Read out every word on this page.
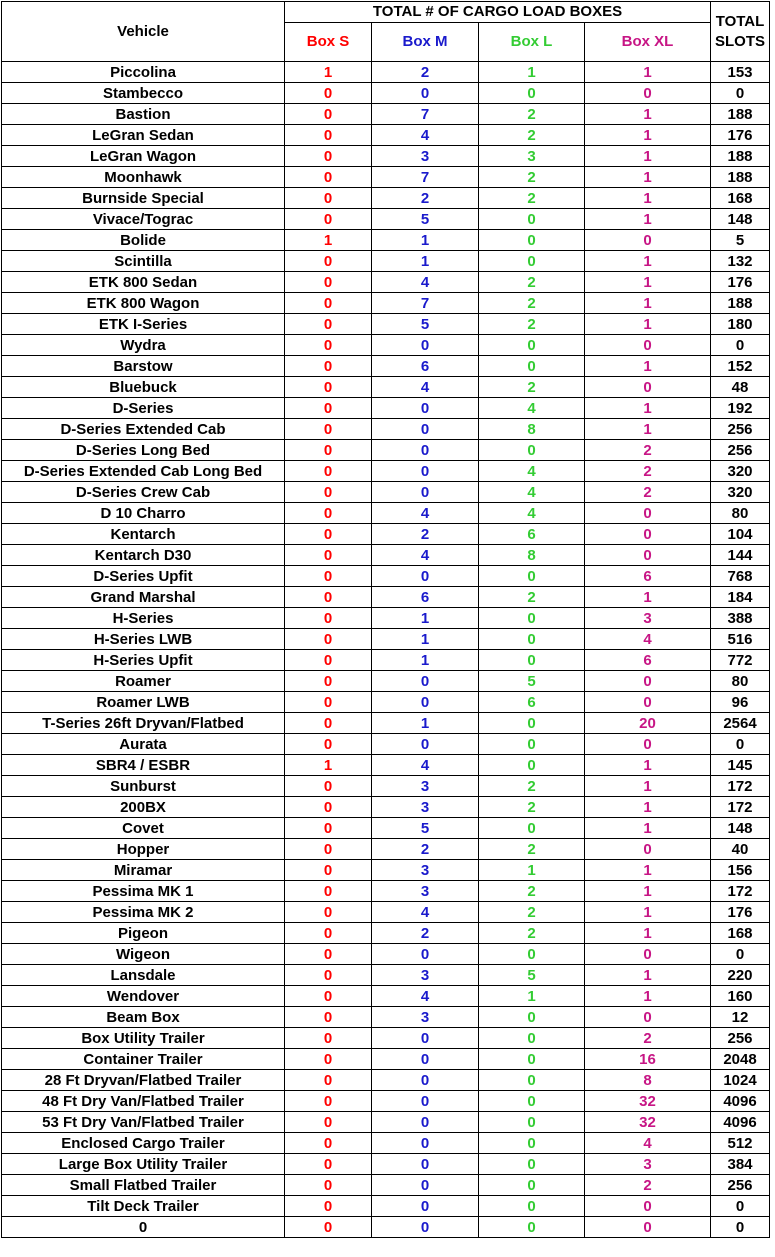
Vehicle	TOTAL # OF CARGO LOAD BOXES				TOTAL
SLOTS
	Box S	Box M	Box L	Box XL	
Piccolina	1	2	1	1	153
Stambecco	0	0	0	0	0
Bastion	0	7	2	1	188
LeGran Sedan	0	4	2	1	176
LeGran Wagon	0	3	3	1	188
Moonhawk	0	7	2	1	188
Burnside Special	0	2	2	1	168
Vivace/Tograc	0	5	0	1	148
Bolide	1	1	0	0	5
Scintilla	0	1	0	1	132
ETK 800 Sedan	0	4	2	1	176
ETK 800 Wagon	0	7	2	1	188
ETK I-Series	0	5	2	1	180
Wydra	0	0	0	0	0
Barstow	0	6	0	1	152
Bluebuck	0	4	2	0	48
D-Series	0	0	4	1	192
D-Series Extended Cab	0	0	8	1	256
D-Series Long Bed	0	0	0	2	256
D-Series Extended Cab Long Bed	0	0	4	2	320
D-Series Crew Cab	0	0	4	2	320
D 10 Charro	0	4	4	0	80
Kentarch	0	2	6	0	104
Kentarch D30	0	4	8	0	144
D-Series Upfit	0	0	0	6	768
Grand Marshal	0	6	2	1	184
H-Series	0	1	0	3	388
H-Series LWB	0	1	0	4	516
H-Series Upfit	0	1	0	6	772
Roamer	0	0	5	0	80
Roamer LWB	0	0	6	0	96
T-Series 26ft Dryvan/Flatbed	0	1	0	20	2564
Aurata	0	0	0	0	0
SBR4 / ESBR	1	4	0	1	145
Sunburst	0	3	2	1	172
200BX	0	3	2	1	172
Covet	0	5	0	1	148
Hopper	0	2	2	0	40
Miramar	0	3	1	1	156
Pessima MK 1	0	3	2	1	172
Pessima MK 2	0	4	2	1	176
Pigeon	0	2	2	1	168
Wigeon	0	0	0	0	0
Lansdale	0	3	5	1	220
Wendover	0	4	1	1	160
Beam Box	0	3	0	0	12
Box Utility Trailer	0	0	0	2	256
Container Trailer	0	0	0	16	2048
28 Ft Dryvan/Flatbed Trailer	0	0	0	8	1024
48 Ft Dry Van/Flatbed Trailer	0	0	0	32	4096
53 Ft Dry Van/Flatbed Trailer	0	0	0	32	4096
Enclosed Cargo Trailer	0	0	0	4	512
Large Box Utility Trailer	0	0	0	3	384
Small Flatbed Trailer	0	0	0	2	256
Tilt Deck Trailer	0	0	0	0	0
0	0	0	0	0	0
